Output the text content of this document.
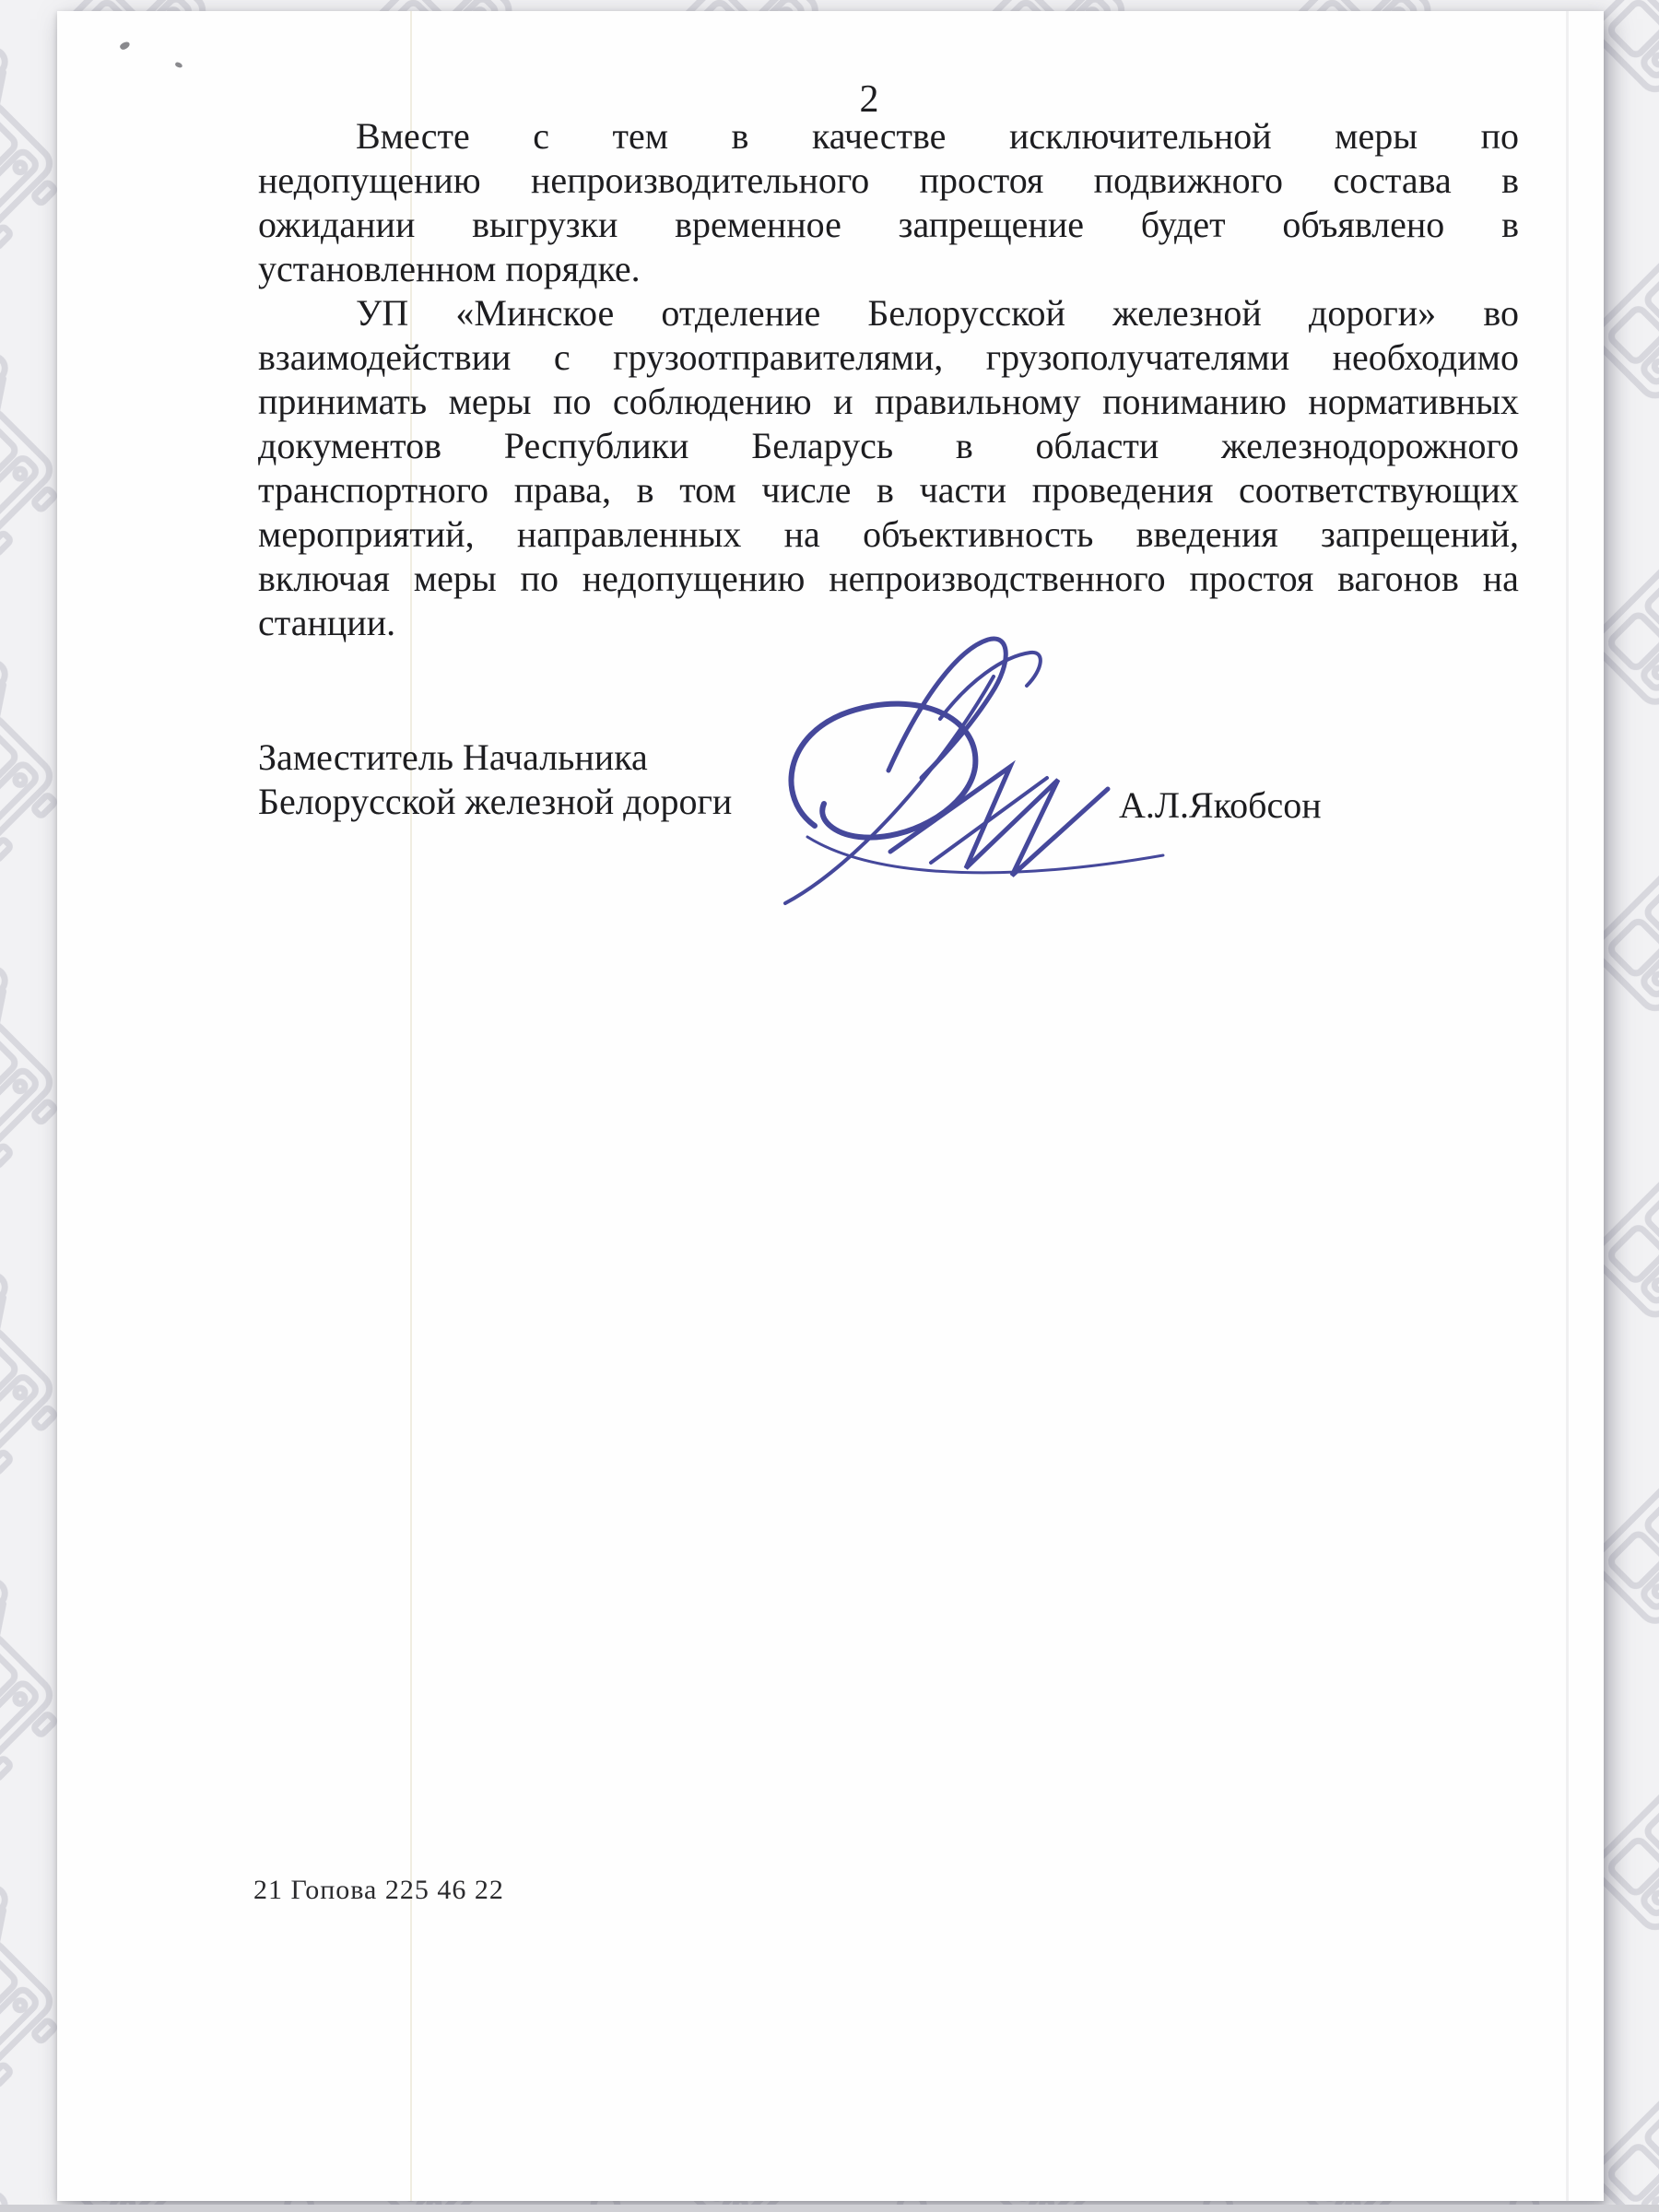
2
Вместе с тем в качестве исключительной меры по
недопущению непроизводительного простоя подвижного состава в
ожидании выгрузки временное запрещение будет объявлено в
установленном порядке.
УП «Минское отделение Белорусской железной дороги» во
взаимодействии с грузоотправителями, грузополучателями необходимо
принимать меры по соблюдению и правильному пониманию нормативных
документов Республики Беларусь в области железнодорожного
транспортного права, в том числе в части проведения соответствующих
мероприятий, направленных на объективность введения запрещений,
включая меры по недопущению непроизводственного простоя вагонов на
станции.
Заместитель Начальника
Белорусской железной дороги	А.Л.Якобсон
21 Гопова 225 46 22
